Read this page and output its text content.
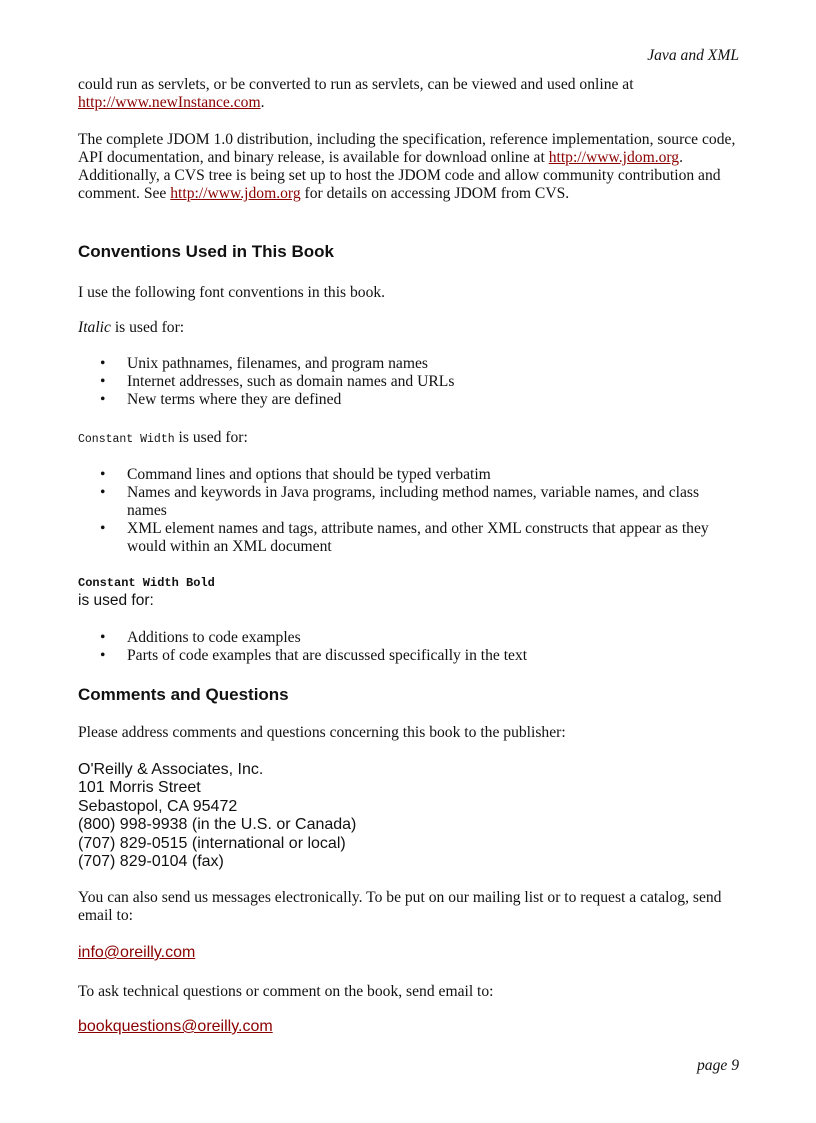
Java and XML

could run as servlets, or be converted to run as servlets, can be viewed and used online at http://www.newInstance.com.

The complete JDOM 1.0 distribution, including the specification, reference implementation, source code, API documentation, and binary release, is available for download online at http://www.jdom.org. Additionally, a CVS tree is being set up to host the JDOM code and allow community contribution and comment. See http://www.jdom.org for details on accessing JDOM from CVS.

Conventions Used in This Book

I use the following font conventions in this book.

Italic is used for:

• Unix pathnames, filenames, and program names
• Internet addresses, such as domain names and URLs
• New terms where they are defined

Constant Width is used for:

• Command lines and options that should be typed verbatim
• Names and keywords in Java programs, including method names, variable names, and class names
• XML element names and tags, attribute names, and other XML constructs that appear as they would within an XML document
Constant Width Bold
is used for:
• Additions to code examples
• Parts of code examples that are discussed specifically in the text
Comments and Questions

Please address comments and questions concerning this book to the publisher:

O'Reilly & Associates, Inc.
101 Morris Street
Sebastopol, CA 95472
(800) 998-9938 (in the U.S. or Canada)
(707) 829-0515 (international or local)
(707) 829-0104 (fax)

You can also send us messages electronically. To be put on our mailing list or to request a catalog, send email to:

info@oreilly.com

To ask technical questions or comment on the book, send email to:

bookquestions@oreilly.com
page 9
